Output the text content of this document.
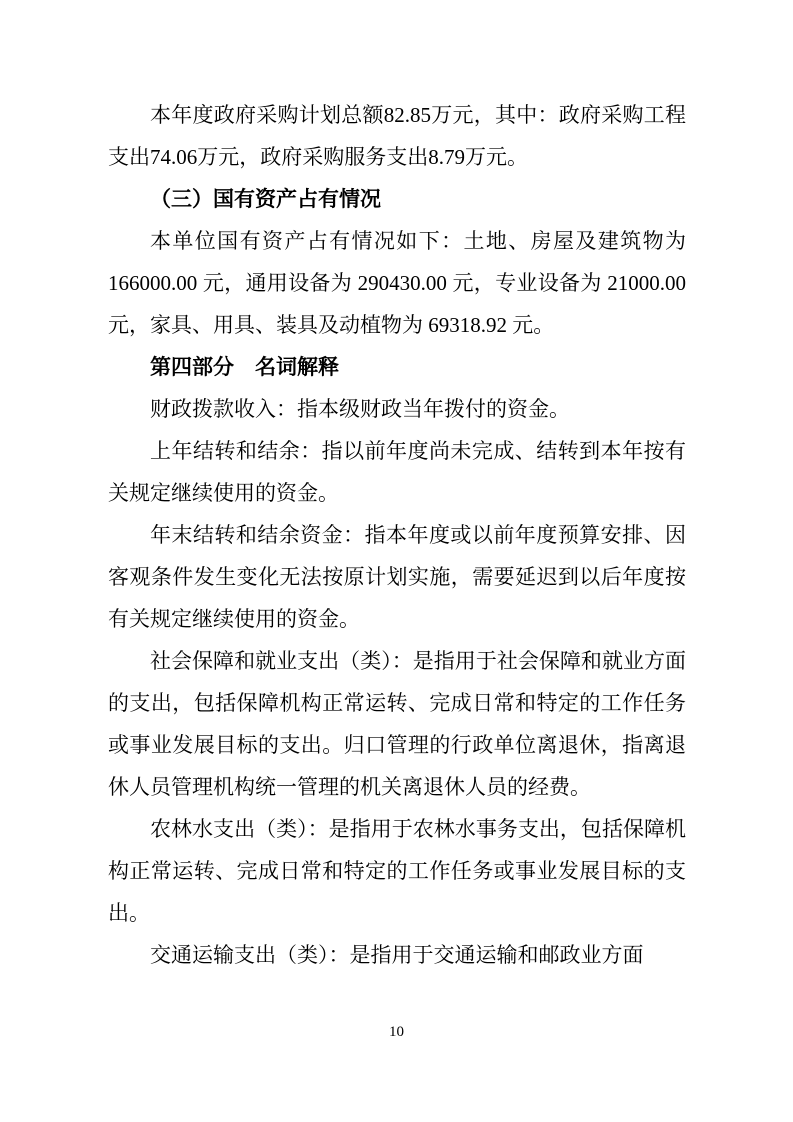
本年度政府采购计划总额82.85万元，其中：政府采购工程支出74.06万元，政府采购服务支出8.79万元。

（三）国有资产占有情况

本单位国有资产占有情况如下：土地、房屋及建筑物为 166000.00 元，通用设备为 290430.00 元，专业设备为 21000.00 元，家具、用具、装具及动植物为 69318.92 元。

第四部分　名词解释

财政拨款收入：指本级财政当年拨付的资金。

上年结转和结余：指以前年度尚未完成、结转到本年按有关规定继续使用的资金。

年末结转和结余资金：指本年度或以前年度预算安排、因客观条件发生变化无法按原计划实施，需要延迟到以后年度按有关规定继续使用的资金。

社会保障和就业支出（类）：是指用于社会保障和就业方面的支出，包括保障机构正常运转、完成日常和特定的工作任务或事业发展目标的支出。归口管理的行政单位离退休，指离退休人员管理机构统一管理的机关离退休人员的经费。

农林水支出（类）：是指用于农林水事务支出，包括保障机构正常运转、完成日常和特定的工作任务或事业发展目标的支出。

交通运输支出（类）：是指用于交通运输和邮政业方面

10
